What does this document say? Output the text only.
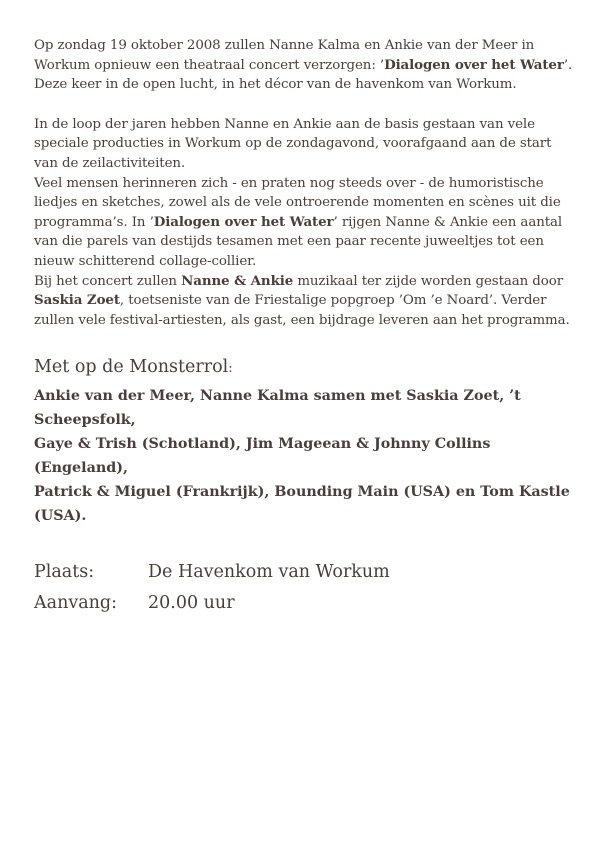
Op zondag 19 oktober 2008 zullen Nanne Kalma en Ankie van der Meer in
Workum opnieuw een theatraal concert verzorgen: ’Dialogen over het Water’.
Deze keer in de open lucht, in het décor van de havenkom van Workum.

In de loop der jaren hebben Nanne en Ankie aan de basis gestaan van vele
speciale producties in Workum op de zondagavond, voorafgaand aan de start
van de zeilactiviteiten.
Veel mensen herinneren zich - en praten nog steeds over - de humoristische
liedjes en sketches, zowel als de vele ontroerende momenten en scènes uit die
programma’s. In ’Dialogen over het Water’ rijgen Nanne & Ankie een aantal
van die parels van destijds tesamen met een paar recente juweeltjes tot een
nieuw schitterend collage-collier.
Bij het concert zullen Nanne & Ankie muzikaal ter zijde worden gestaan door
Saskia Zoet, toetseniste van de Friestalige popgroep ’Om ’e Noard’. Verder
zullen vele festival-artiesten, als gast, een bijdrage leveren aan het programma.

Met op de Monsterrol:

Ankie van der Meer, Nanne Kalma samen met Saskia Zoet, ’t Scheepsfolk,
Gaye & Trish (Schotland), Jim Mageean & Johnny Collins (Engeland),
Patrick & Miguel (Frankrijk), Bounding Main (USA) en Tom Kastle (USA).

Plaats:	De Havenkom van Workum
Aanvang:	20.00 uur
